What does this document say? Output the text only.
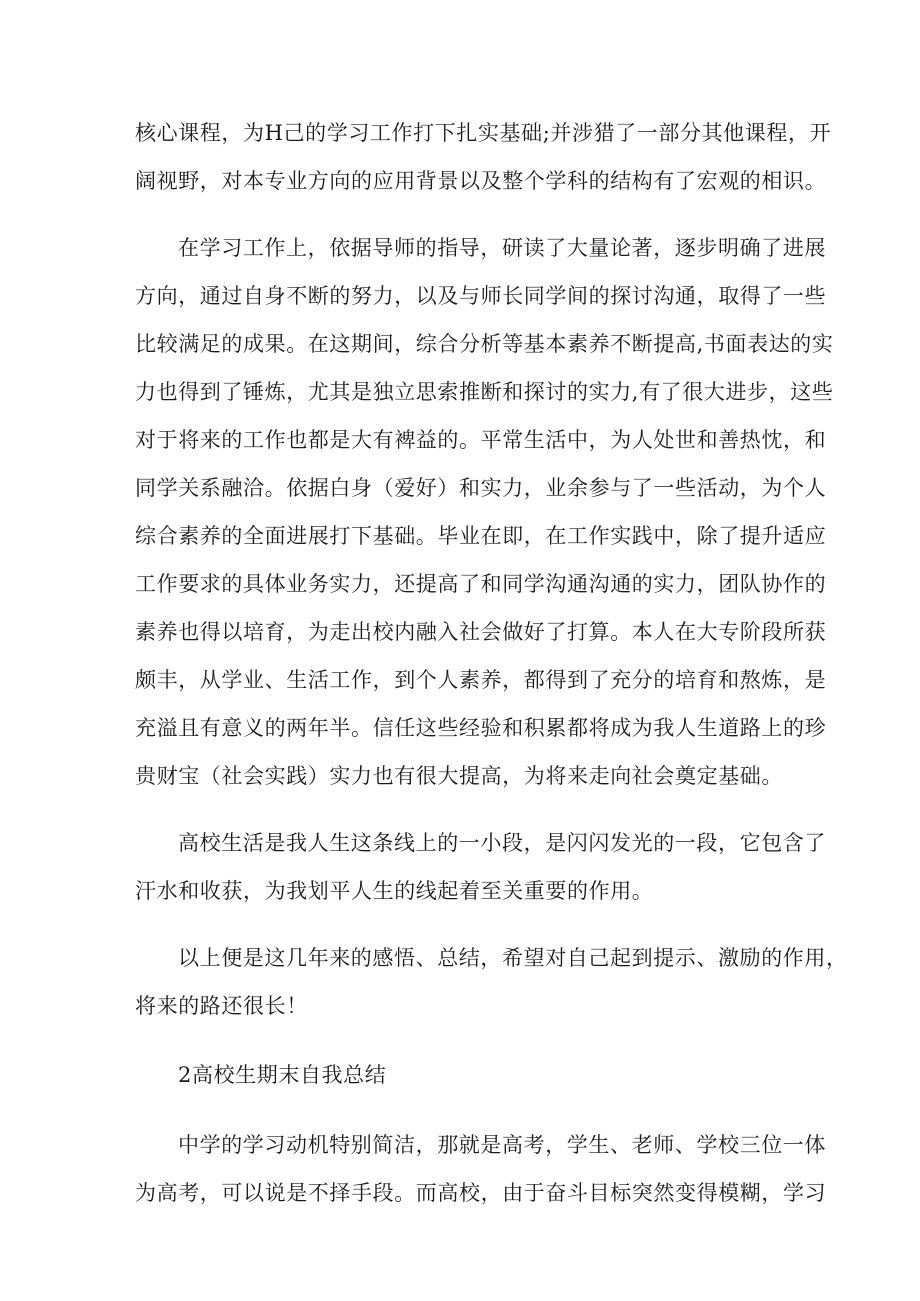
核心课程，为H己的学习工作打下扎实基础;并涉猎了一部分其他课程，开

阔视野，对本专业方向的应用背景以及整个学科的结构有了宏观的相识。

在学习工作上，依据导师的指导，研读了大量论著，逐步明确了进展

方向，通过自身不断的努力，以及与师长同学间的探讨沟通，取得了一些

比较满足的成果。在这期间，综合分析等基本素养不断提高,书面表达的实

力也得到了锤炼，尤其是独立思索推断和探讨的实力,有了很大进步，这些

对于将来的工作也都是大有裨益的。平常生活中，为人处世和善热忱，和

同学关系融洽。依据白身（爱好）和实力，业余参与了一些活动，为个人

综合素养的全面进展打下基础。毕业在即，在工作实践中，除了提升适应

工作要求的具体业务实力，还提高了和同学沟通沟通的实力，团队协作的

素养也得以培育，为走出校内融入社会做好了打算。本人在大专阶段所获

颇丰，从学业、生活工作，到个人素养，都得到了充分的培育和熬炼，是

充溢且有意义的两年半。信任这些经验和积累都将成为我人生道路上的珍

贵财宝（社会实践）实力也有很大提高，为将来走向社会奠定基础。

高校生活是我人生这条线上的一小段，是闪闪发光的一段，它包含了

汗水和收获，为我划平人生的线起着至关重要的作用。

以上便是这几年来的感悟、总结，希望对自己起到提示、激励的作用，

将来的路还很长！

2高校生期末自我总结

中学的学习动机特别简洁，那就是高考，学生、老师、学校三位一体

为高考，可以说是不择手段。而高校，由于奋斗目标突然变得模糊，学习
